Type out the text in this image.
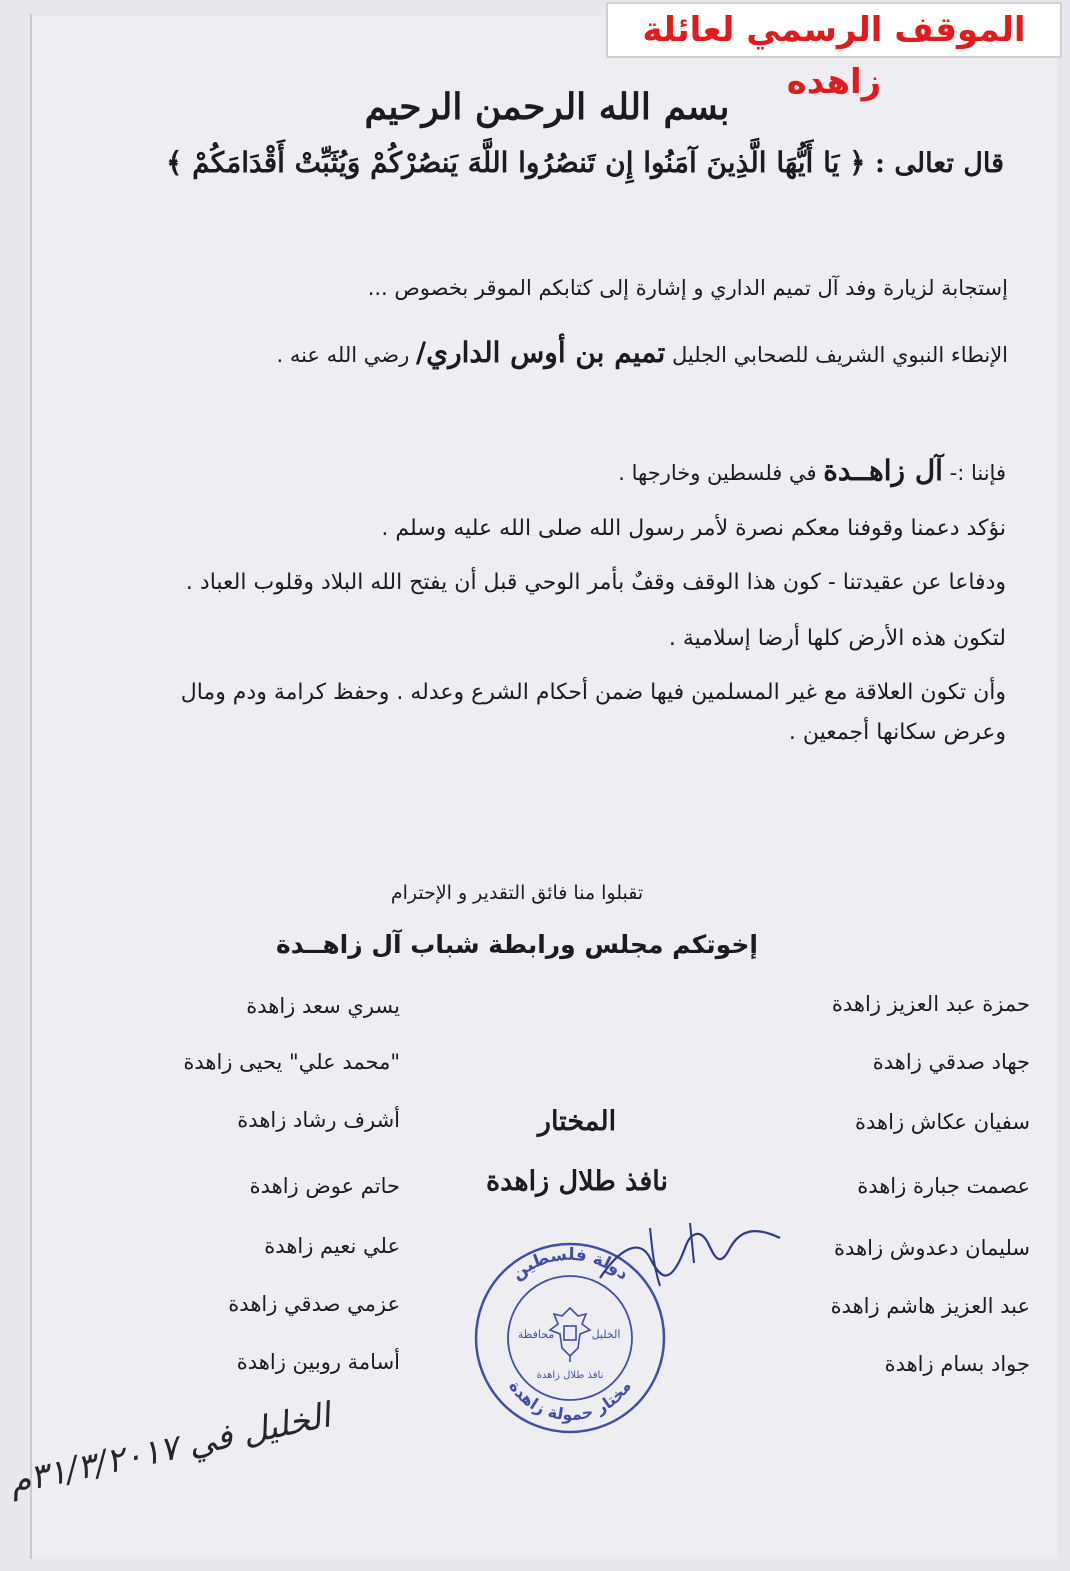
بسم الله الرحمن الرحيم
قال تعالى : ﴿ يَا أَيُّهَا الَّذِينَ آمَنُوا إِن تَنصُرُوا اللَّهَ يَنصُرْكُمْ وَيُثَبِّتْ أَقْدَامَكُمْ ﴾
إستجابة لزيارة وفد آل تميم الداري و إشارة إلى كتابكم الموقر بخصوص ...
الإنطاء النبوي الشريف للصحابي الجليل تميم بن أوس الداري/ رضي الله عنه .
فإننا :- آل زاهــدة في فلسطين وخارجها .
نؤكد دعمنا وقوفنا معكم نصرة لأمر رسول الله صلى الله عليه وسلم .
ودفاعا عن عقيدتنا - كون هذا الوقف وقفٌ بأمر الوحي قبل أن يفتح الله البلاد وقلوب العباد .
لتكون هذه الأرض كلها أرضا إسلامية .
وأن تكون العلاقة مع غير المسلمين فيها ضمن أحكام الشرع وعدله . وحفظ كرامة ودم ومال
وعرض سكانها أجمعين .
تقبلوا منا فائق التقدير و الإحترام
إخوتكم مجلس ورابطة شباب آل زاهــدة
حمزة عبد العزيز زاهدة
جهاد صدقي زاهدة
سفيان عكاش زاهدة
عصمت جبارة زاهدة
سليمان دعدوش زاهدة
عبد العزيز هاشم زاهدة
جواد بسام زاهدة
يسري سعد زاهدة
"محمد علي" يحيى زاهدة
أشرف رشاد زاهدة
حاتم عوض زاهدة
علي نعيم زاهدة
عزمي صدقي زاهدة
أسامة روبين زاهدة
المختار
نافذ طلال زاهدة
دولة فلسطين
مختار حمولة زاهدة
محافظة	الخليل
نافذ طلال زاهدة
الخليل في ٣١/٣/٢٠١٧م
الموقف الرسمي لعائلة زاهده
